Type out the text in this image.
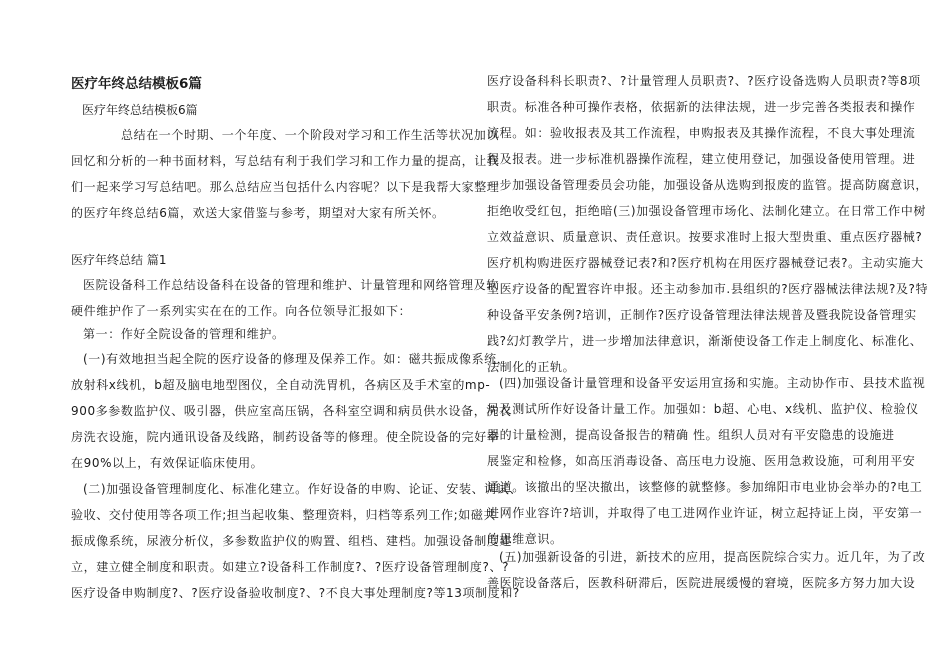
医疗年终总结模板6篇
医疗年终总结模板6篇
总结在一个时期、一个年度、一个阶段对学习和工作生活等状况加以
回忆和分析的一种书面材料，写总结有利于我们学习和工作力量的提高，让我
们一起来学习写总结吧。那么总结应当包括什么内容呢？以下是我帮大家整理
的医疗年终总结6篇，欢送大家借鉴与参考，期望对大家有所关怀。
医疗年终总结 篇1
医院设备科工作总结设备科在设备的管理和维护、计量管理和网络管理及软
硬件维护作了一系列实实在在的工作。向各位领导汇报如下：
第一：作好全院设备的管理和维护。
(一)有效地担当起全院的医疗设备的修理及保养工作。如：磁共振成像系统，
放射科x线机，b超及脑电地型图仪，全自动洗胃机，各病区及手术室的mp-
900多参数监护仪、吸引器，供应室高压锅，各科室空调和病员供水设备，洗衣
房洗衣设施，院内通讯设备及线路，制药设备等的修理。使全院设备的完好率
在90%以上，有效保证临床使用。
(二)加强设备管理制度化、标准化建立。作好设备的申购、论证、安装、调试、
验收、交付使用等各项工作;担当起收集、整理资料，归档等系列工作;如磁共
振成像系统，尿液分析仪，多参数监护仪的购置、组档、建档。加强设备制度建
立，建立健全制度和职责。如建立?设备科工作制度?、?医疗设备管理制度?、?
医疗设备申购制度?、?医疗设备验收制度?、?不良大事处理制度?等13项制度和?
医疗设备科科长职责?、?计量管理人员职责?、?医疗设备选购人员职责?等8项
职责。标准各种可操作表格，依据新的法律法规，进一步完善各类报表和操作
流程。如：验收报表及其工作流程，申购报表及其操作流程，不良大事处理流
程及报表。进一步标准机器操作流程，建立使用登记，加强设备使用管理。进
一步加强设备管理委员会功能，加强设备从选购到报废的监管。提高防腐意识，
拒绝收受红包，拒绝暗(三)加强设备管理市场化、法制化建立。在日常工作中树
立效益意识、质量意识、责任意识。按要求准时上报大型贵重、重点医疗器械?
医疗机构购进医疗器械登记表?和?医疗机构在用医疗器械登记表?。主动实施大
型医疗设备的配置容许申报。还主动参加市.县组织的?医疗器械法律法规?及?特
种设备平安条例?培训，正制作?医疗设备管理法律法规普及暨我院设备管理实
践?幻灯教学片，进一步增加法律意识，渐渐使设备工作走上制度化、标准化、
法制化的正轨。
(四)加强设备计量管理和设备平安运用宣扬和实施。主动协作市、县技术监视
局及测试所作好设备计量工作。加强如：b超、心电、x线机、监护仪、检验仪
器的计量检测，提高设备报告的精确 性。组织人员对有平安隐患的设施进
展鉴定和检修，如高压消毒设备、高压电力设施、医用急救设施，可利用平安
通道。该撤出的坚决撤出，该整修的就整修。参加绵阳市电业协会举办的?电工
进网作业容许?培训，并取得了电工进网作业许证，树立起持证上岗，平安第一
的思维意识。
(五)加强新设备的引进，新技术的应用，提高医院综合实力。近几年，为了改
善医院设备落后，医教科研滞后，医院进展缓慢的窘境，医院多方努力加大设
